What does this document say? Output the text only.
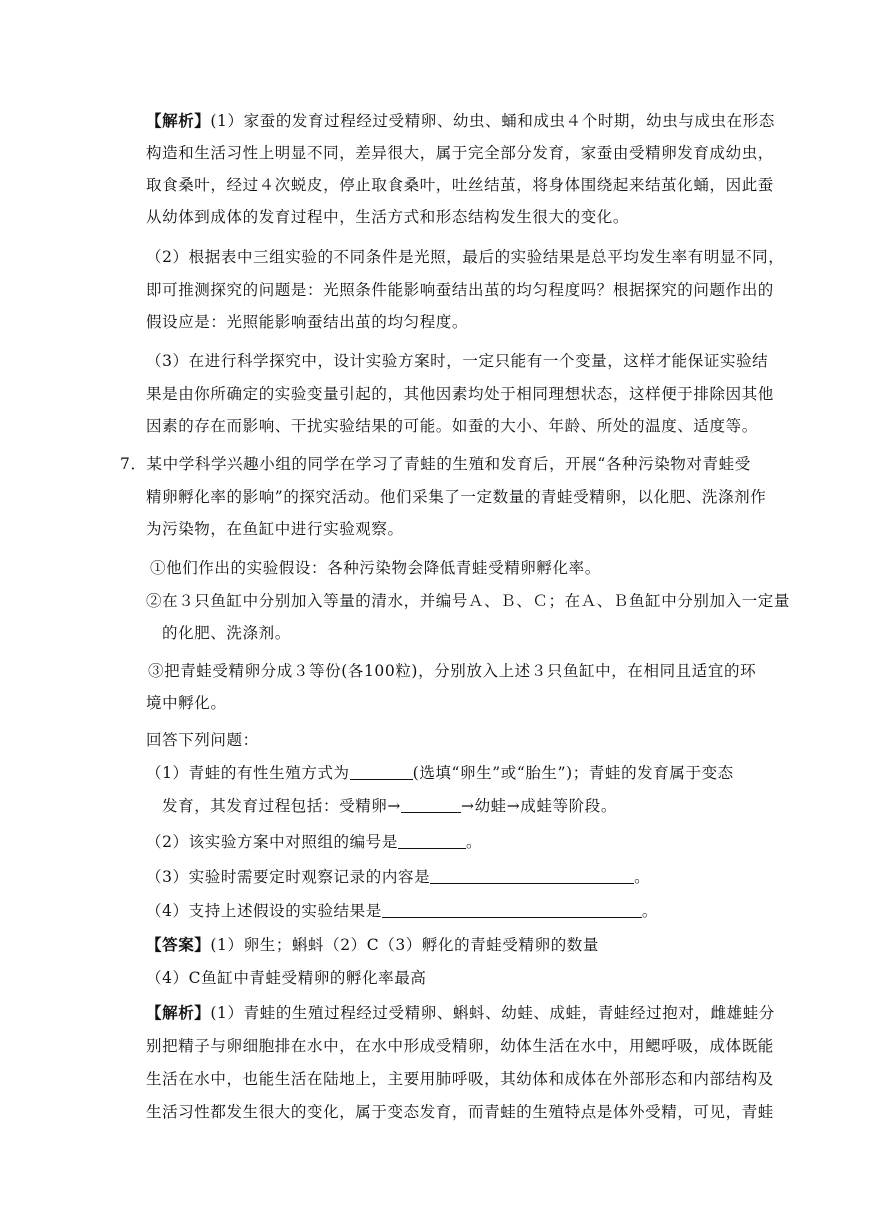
【解析】(1）家蚕的发育过程经过受精卵、幼虫、蛹和成虫４个时期，幼虫与成虫在形态
构造和生活习性上明显不同，差异很大，属于完全部分发育，家蚕由受精卵发育成幼虫，
取食桑叶，经过４次蜕皮，停止取食桑叶，吐丝结茧，将身体围绕起来结茧化蛹，因此蚕
从幼体到成体的发育过程中，生活方式和形态结构发生很大的变化。
（2）根据表中三组实验的不同条件是光照，最后的实验结果是总平均发生率有明显不同，
即可推测探究的问题是：光照条件能影响蚕结出茧的均匀程度吗？根据探究的问题作出的
假设应是：光照能影响蚕结出茧的均匀程度。
（3）在进行科学探究中，设计实验方案时，一定只能有一个变量，这样才能保证实验结
果是由你所确定的实验变量引起的，其他因素均处于相同理想状态，这样便于排除因其他
因素的存在而影响、干扰实验结果的可能。如蚕的大小、年龄、所处的温度、适度等。
7．某中学科学兴趣小组的同学在学习了青蛙的生殖和发育后，开展“各种污染物对青蛙受
精卵孵化率的影响”的探究活动。他们采集了一定数量的青蛙受精卵，以化肥、洗涤剂作
为污染物，在鱼缸中进行实验观察。
①他们作出的实验假设：各种污染物会降低青蛙受精卵孵化率。
②在３只鱼缸中分别加入等量的清水，并编号Ａ、Ｂ、Ｃ；在Ａ、Ｂ鱼缸中分别加入一定量
的化肥、洗涤剂。
③把青蛙受精卵分成３等份(各100粒)，分别放入上述３只鱼缸中，在相同且适宜的环
境中孵化。
回答下列问题：
（1）青蛙的有性生殖方式为	(选填“卵生”或“胎生”)；青蛙的发育属于变态
发育，其发育过程包括：受精卵→	→幼蛙→成蛙等阶段。
（2）该实验方案中对照组的编号是	。
（3）实验时需要定时观察记录的内容是	。
（4）支持上述假设的实验结果是	。
【答案】(1）卵生；蝌蚪（2）C（3）孵化的青蛙受精卵的数量
（4）C鱼缸中青蛙受精卵的孵化率最高
【解析】(1）青蛙的生殖过程经过受精卵、蝌蚪、幼蛙、成蛙，青蛙经过抱对，雌雄蛙分
别把精子与卵细胞排在水中，在水中形成受精卵，幼体生活在水中，用鳃呼吸，成体既能
生活在水中，也能生活在陆地上，主要用肺呼吸，其幼体和成体在外部形态和内部结构及
生活习性都发生很大的变化，属于变态发育，而青蛙的生殖特点是体外受精，可见，青蛙
